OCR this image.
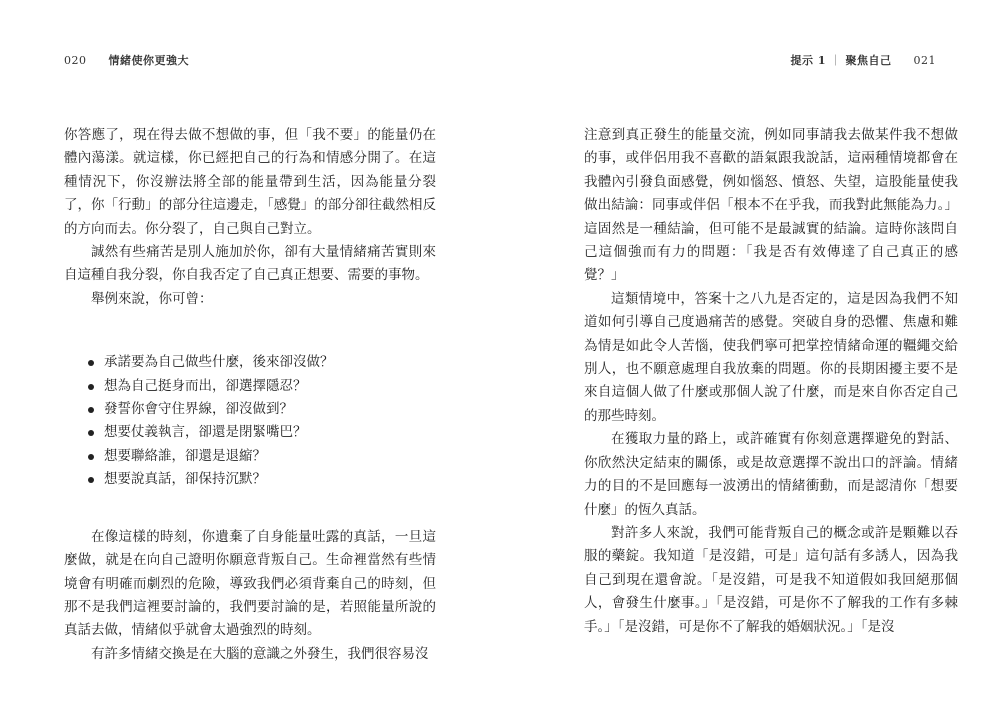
020 情緒使你更強大

你答應了，現在得去做不想做的事，但「我不要」的能量仍在體內蕩漾。就這樣，你已經把自己的行為和情感分開了。在這種情況下，你沒辦法將全部的能量帶到生活，因為能量分裂了，你「行動」的部分往這邊走，「感覺」的部分卻往截然相反的方向而去。你分裂了，自己與自己對立。

誠然有些痛苦是別人施加於你，卻有大量情緒痛苦實則來自這種自我分裂，你自我否定了自己真正想要、需要的事物。

舉例來說，你可曾：

承諾要為自己做些什麼，後來卻沒做？
想為自己挺身而出，卻選擇隱忍？
發誓你會守住界線，卻沒做到？
想要仗義執言，卻還是閉緊嘴巴？
想要聯絡誰，卻還是退縮？
想要說真話，卻保持沉默？

在像這樣的時刻，你遺棄了自身能量吐露的真話，一旦這麼做，就是在向自己證明你願意背叛自己。生命裡當然有些情境會有明確而劇烈的危險，導致我們必須背棄自己的時刻，但那不是我們這裡要討論的，我們要討論的是，若照能量所說的真話去做，情緒似乎就會太過強烈的時刻。

有許多情緒交換是在大腦的意識之外發生，我們很容易沒

提示 1 ｜ 聚焦自己 021

注意到真正發生的能量交流，例如同事請我去做某件我不想做的事，或伴侶用我不喜歡的語氣跟我說話，這兩種情境都會在我體內引發負面感覺，例如惱怒、憤怒、失望，這股能量使我做出結論：同事或伴侶「根本不在乎我，而我對此無能為力。」這固然是一種結論，但可能不是最誠實的結論。這時你該問自己這個強而有力的問題：「我是否有效傳達了自己真正的感覺？」

這類情境中，答案十之八九是否定的，這是因為我們不知道如何引導自己度過痛苦的感覺。突破自身的恐懼、焦慮和難為情是如此令人苦惱，使我們寧可把掌控情緒命運的韁繩交給別人，也不願意處理自我放棄的問題。你的長期困擾主要不是來自這個人做了什麼或那個人說了什麼，而是來自你否定自己的那些時刻。

在獲取力量的路上，或許確實有你刻意選擇避免的對話、你欣然決定結束的關係，或是故意選擇不說出口的評論。情緒力的目的不是回應每一波湧出的情緒衝動，而是認清你「想要什麼」的恆久真話。

對許多人來說，我們可能背叛自己的概念或許是顆難以吞服的藥錠。我知道「是沒錯，可是」這句話有多誘人，因為我自己到現在還會說。「是沒錯，可是我不知道假如我回絕那個人，會發生什麼事。」「是沒錯，可是你不了解我的工作有多棘手。」「是沒錯，可是你不了解我的婚姻狀況。」「是沒
